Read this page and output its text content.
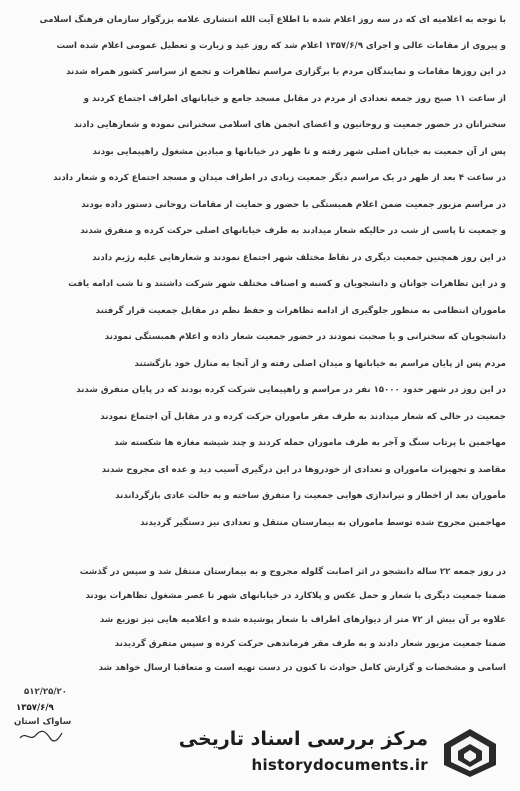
با توجه به اعلامیه ای که در سه روز اعلام شده با اطلاع آیت الله انتشاری علامه بزرگوار سازمان فرهنگ اسلامی
و پیروی از مقامات عالی و اجرای ۱۳۵۷/۶/۹ اعلام شد که روز عید و زیارت و تعطیل عمومی اعلام شده است
در این روزها مقامات و نمایندگان مردم با برگزاری مراسم تظاهرات و تجمع از سراسر کشور همراه شدند
از ساعت ۱۱ صبح روز جمعه تعدادی از مردم در مقابل مسجد جامع و خیابانهای اطراف اجتماع کردند و
سخنرانان در حضور جمعیت و روحانیون و اعضای انجمن های اسلامی سخنرانی نموده و شعارهایی دادند
پس از آن جمعیت به خیابان اصلی شهر رفته و تا ظهر در خیابانها و میادین مشغول راهپیمایی بودند
در ساعت ۴ بعد از ظهر در یک مراسم دیگر جمعیت زیادی در اطراف میدان و مسجد اجتماع کرده و شعار دادند
در مراسم مزبور جمعیت ضمن اعلام همبستگی با حضور و حمایت از مقامات روحانی دستور داده بودند
و جمعیت تا پاسی از شب در حالیکه شعار میدادند به طرف خیابانهای اصلی حرکت کرده و متفرق شدند
در این روز همچنین جمعیت دیگری در نقاط مختلف شهر اجتماع نمودند و شعارهایی علیه رژیم دادند
و در این تظاهرات جوانان و دانشجویان و کسبه و اصناف مختلف شهر شرکت داشتند و تا شب ادامه یافت
ماموران انتظامی به منظور جلوگیری از ادامه تظاهرات و حفظ نظم در مقابل جمعیت قرار گرفتند
دانشجویان که سخنرانی و یا صحبت نمودند در حضور جمعیت شعار داده و اعلام همبستگی نمودند
مردم پس از پایان مراسم به خیابانها و میدان اصلی رفته و از آنجا به منازل خود بازگشتند
در این روز در شهر حدود ۱۵۰۰۰ نفر در مراسم و راهپیمایی شرکت کرده بودند که در پایان متفرق شدند
جمعیت در حالی که شعار میدادند به طرف مقر ماموران حرکت کرده و در مقابل آن اجتماع نمودند
مهاجمین با پرتاب سنگ و آجر به طرف ماموران حمله کردند و چند شیشه مغازه ها شکسته شد
مقاصد و تجهیزات ماموران و تعدادی از خودروها در این درگیری آسیب دید و عده ای مجروح شدند
مأموران بعد از اخطار و تیراندازی هوایی جمعیت را متفرق ساخته و به حالت عادی بازگرداندند
مهاجمین مجروح شده توسط ماموران به بیمارستان منتقل و تعدادی نیز دستگیر گردیدند
در روز جمعه ۲۲ ساله دانشجو در اثر اصابت گلوله مجروح و به بیمارستان منتقل شد و سپس در گذشت
ضمنا جمعیت دیگری با شعار و حمل عکس و پلاکارد در خیابانهای شهر تا عصر مشغول تظاهرات بودند
علاوه بر آن بیش از ۷۲ متر از دیوارهای اطراف با شعار پوشیده شده و اعلامیه هایی نیز توزیع شد
ضمنا جمعیت مزبور شعار دادند و به طرف مقر فرماندهی حرکت کرده و سپس متفرق گردیدند
اسامی و مشخصات و گزارش کامل حوادث تا کنون در دست تهیه است و متعاقبا ارسال خواهد شد
۵۱۲/۲۵/۲۰
۱۳۵۷/۶/۹
ساواک استان
مرکز بررسی اسناد تاریخی
historydocuments.ir
